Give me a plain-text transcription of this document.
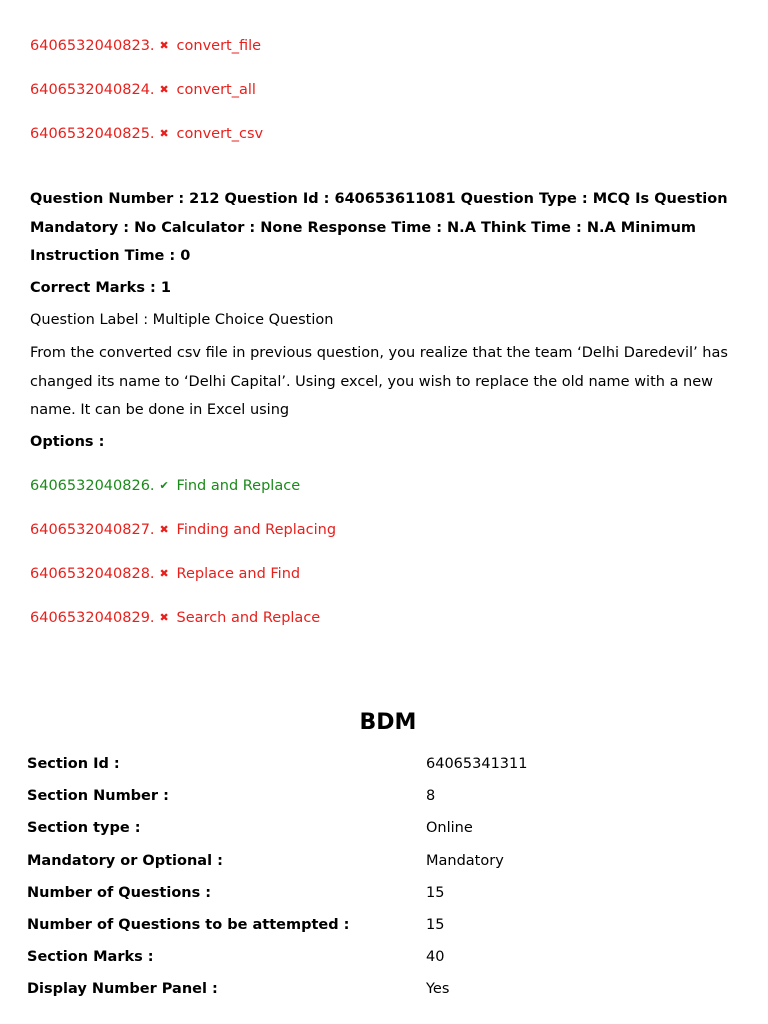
6406532040823. ✖ convert_file
6406532040824. ✖ convert_all
6406532040825. ✖ convert_csv
Question Number : 212 Question Id : 640653611081 Question Type : MCQ Is Question Mandatory : No Calculator : None Response Time : N.A Think Time : N.A Minimum Instruction Time : 0
Correct Marks : 1
Question Label : Multiple Choice Question
From the converted csv file in previous question, you realize that the team ‘Delhi Daredevil’ has changed its name to ‘Delhi Capital’. Using excel, you wish to replace the old name with a new name. It can be done in Excel using
Options :
6406532040826. ✔ Find and Replace
6406532040827. ✖ Finding and Replacing
6406532040828. ✖ Replace and Find
6406532040829. ✖ Search and Replace
BDM
Section Id :	64065341311
Section Number :	8
Section type :	Online
Mandatory or Optional :	Mandatory
Number of Questions :	15
Number of Questions to be attempted :	15
Section Marks :	40
Display Number Panel :	Yes
